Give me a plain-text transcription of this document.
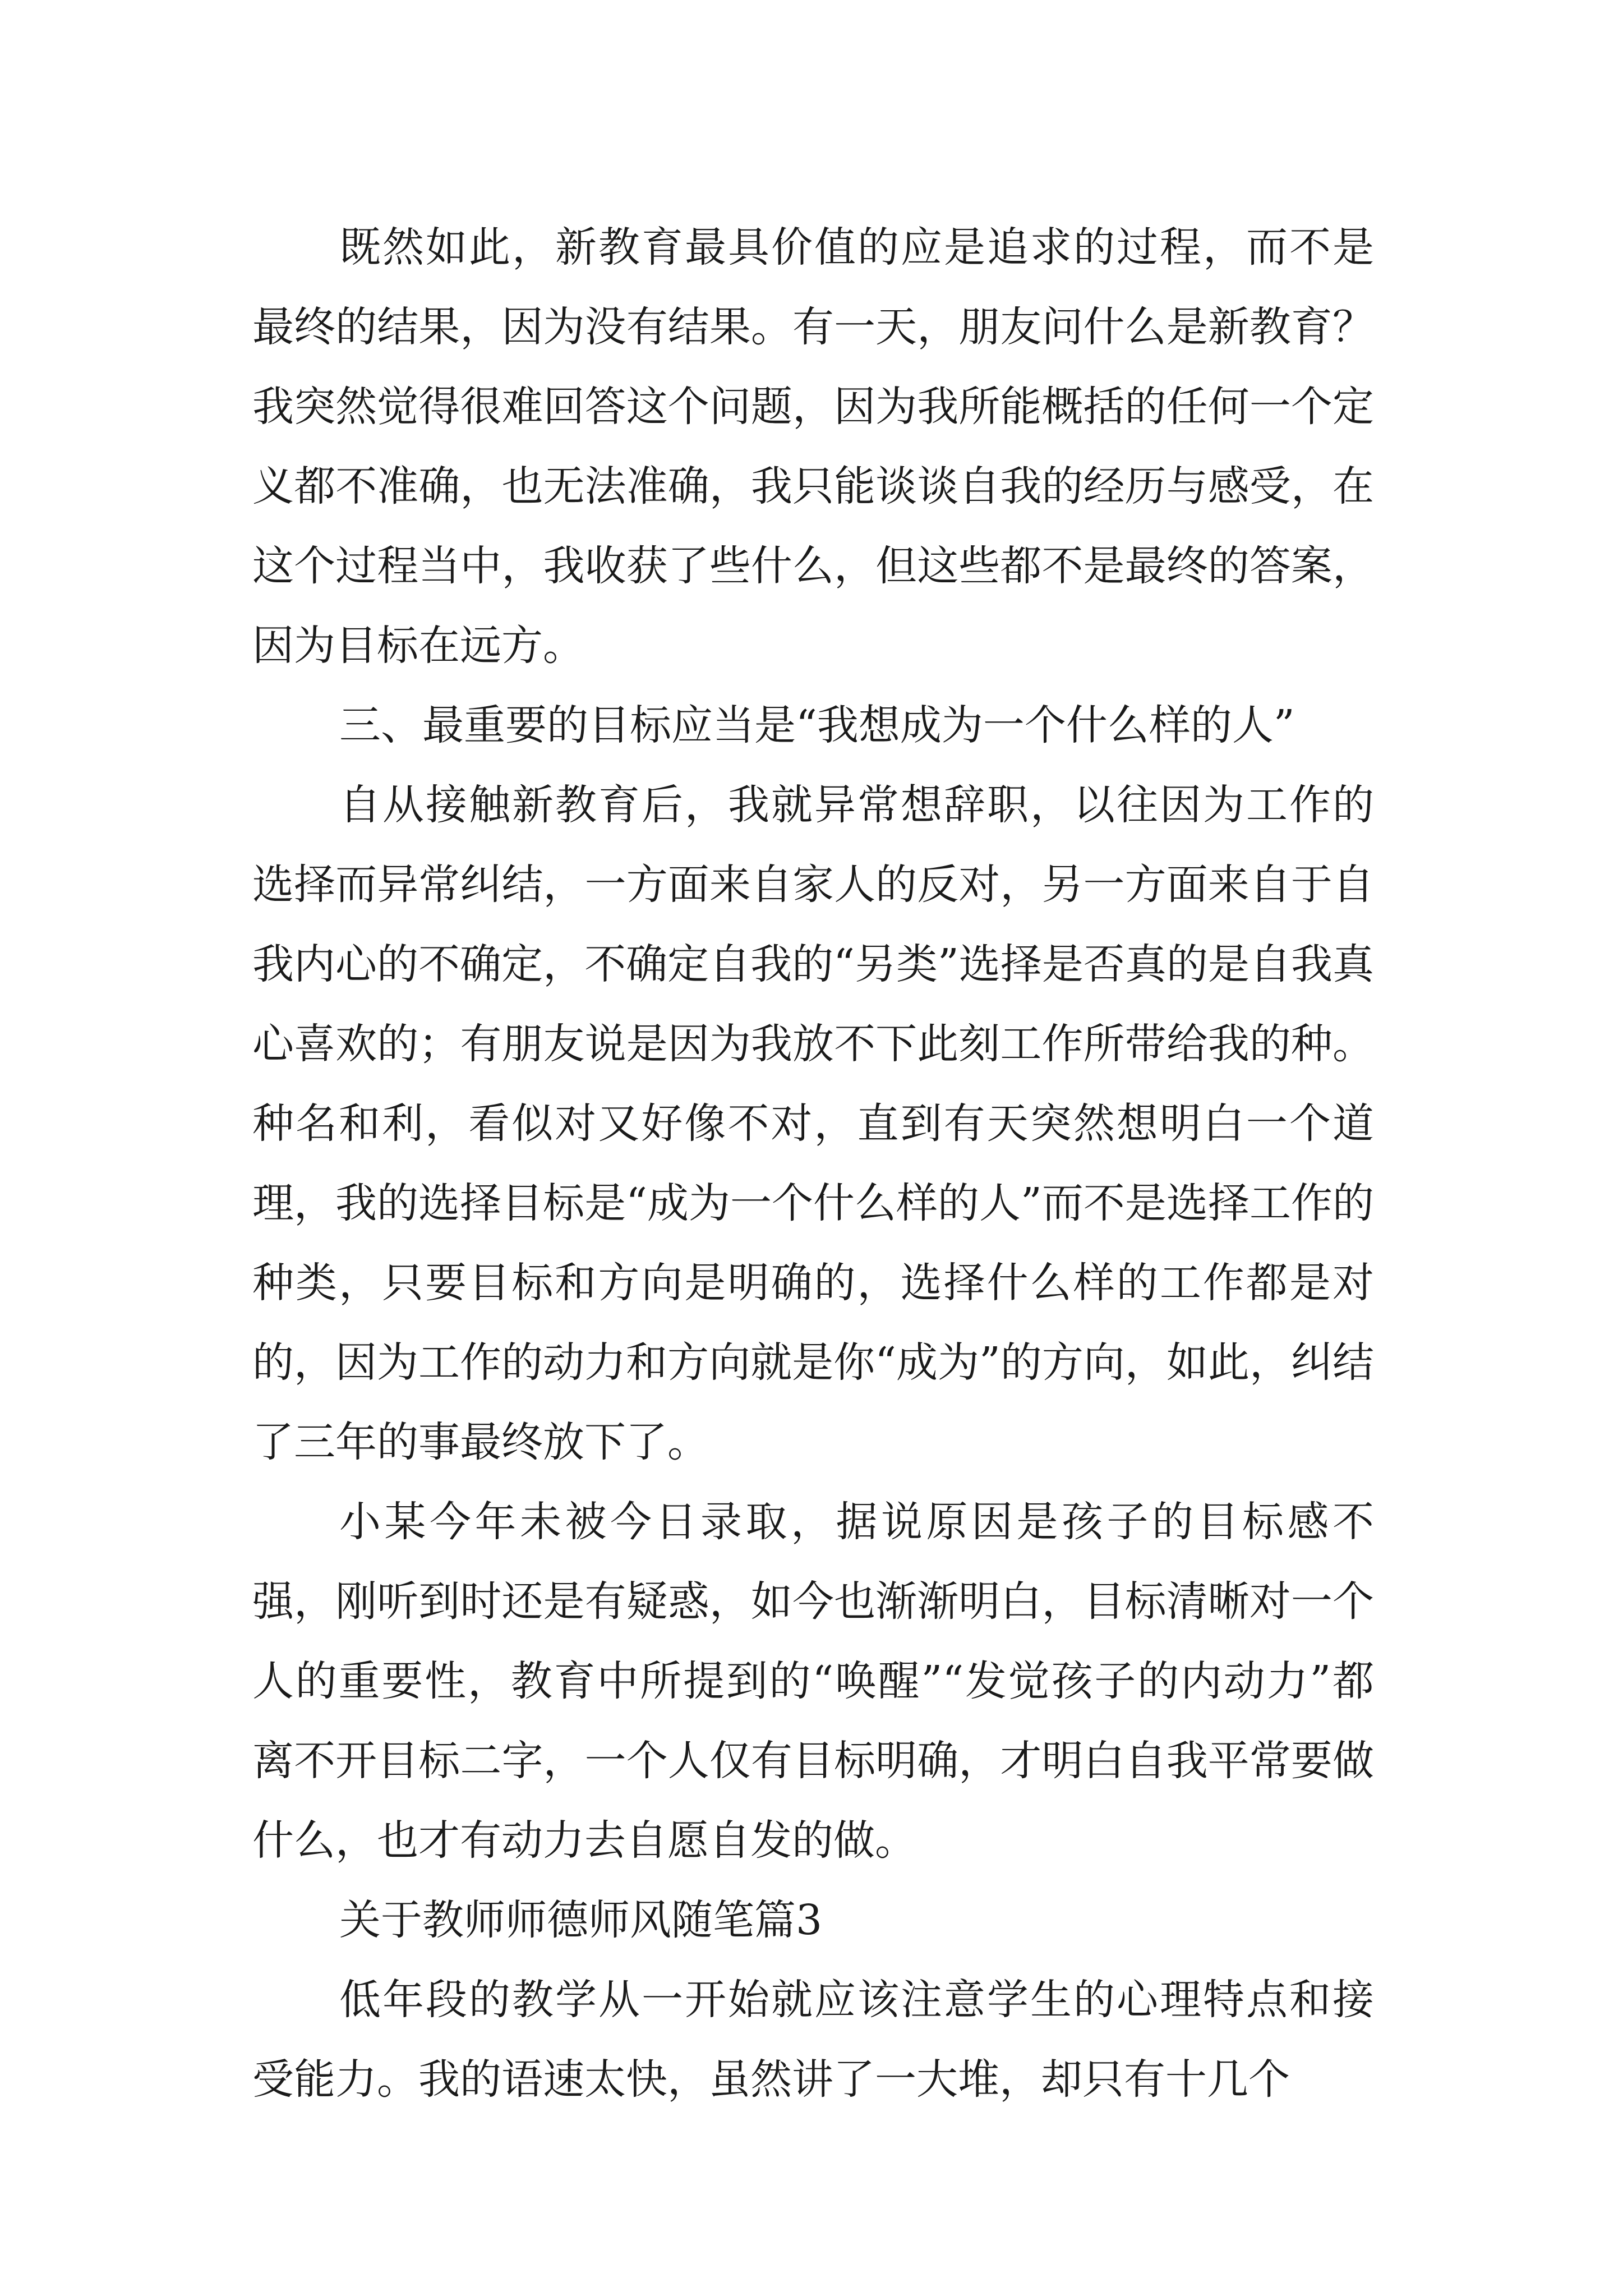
既然如此，新教育最具价值的应是追求的过程，而不是最终的结果，因为没有结果。有一天，朋友问什么是新教育？我突然觉得很难回答这个问题，因为我所能概括的任何一个定义都不准确，也无法准确，我只能谈谈自我的经历与感受，在这个过程当中，我收获了些什么，但这些都不是最终的答案，因为目标在远方。

三、最重要的目标应当是“我想成为一个什么样的人”

自从接触新教育后，我就异常想辞职，以往因为工作的选择而异常纠结，一方面来自家人的反对，另一方面来自于自我内心的不确定，不确定自我的“另类”选择是否真的是自我真心喜欢的；有朋友说是因为我放不下此刻工作所带给我的种。种名和利，看似对又好像不对，直到有天突然想明白一个道理，我的选择目标是“成为一个什么样的人”而不是选择工作的种类，只要目标和方向是明确的，选择什么样的工作都是对的，因为工作的动力和方向就是你“成为”的方向，如此，纠结了三年的事最终放下了。

小某今年未被今日录取，据说原因是孩子的目标感不强，刚听到时还是有疑惑，如今也渐渐明白，目标清晰对一个人的重要性，教育中所提到的“唤醒”“发觉孩子的内动力”都离不开目标二字，一个人仅有目标明确，才明白自我平常要做什么，也才有动力去自愿自发的做。

关于教师师德师风随笔篇3

低年段的教学从一开始就应该注意学生的心理特点和接受能力。我的语速太快，虽然讲了一大堆，却只有十几个
